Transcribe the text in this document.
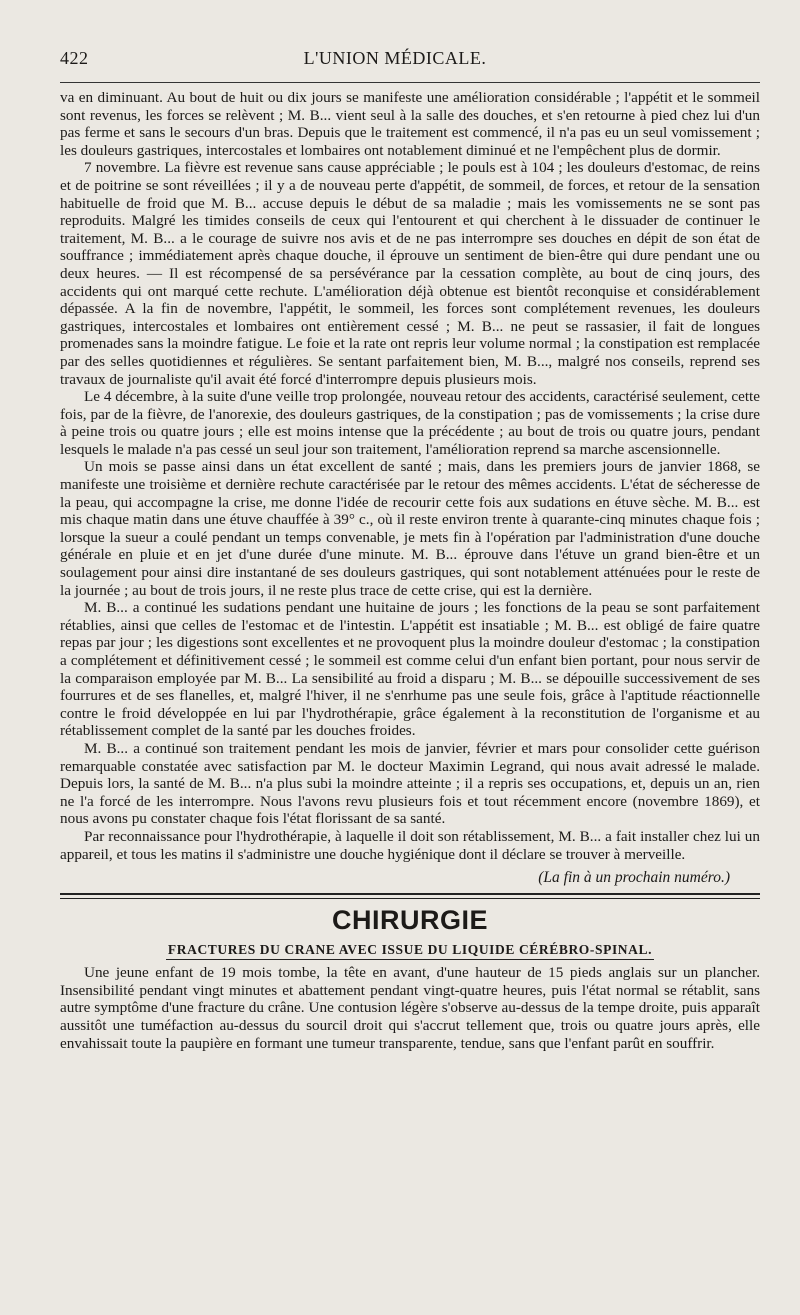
422	L'UNION MÉDICALE.

va en diminuant. Au bout de huit ou dix jours se manifeste une amélioration considérable ; l'appétit et le sommeil sont revenus, les forces se relèvent ; M. B... vient seul à la salle des douches, et s'en retourne à pied chez lui d'un pas ferme et sans le secours d'un bras. Depuis que le traitement est commencé, il n'a pas eu un seul vomissement ; les douleurs gastriques, intercostales et lombaires ont notablement diminué et ne l'empêchent plus de dormir.

7 novembre. La fièvre est revenue sans cause appréciable ; le pouls est à 104 ; les douleurs d'estomac, de reins et de poitrine se sont réveillées ; il y a de nouveau perte d'appétit, de sommeil, de forces, et retour de la sensation habituelle de froid que M. B... accuse depuis le début de sa maladie ; mais les vomissements ne se sont pas reproduits. Malgré les timides conseils de ceux qui l'entourent et qui cherchent à le dissuader de continuer le traitement, M. B... a le courage de suivre nos avis et de ne pas interrompre ses douches en dépit de son état de souffrance ; immédiatement après chaque douche, il éprouve un sentiment de bien-être qui dure pendant une ou deux heures. — Il est récompensé de sa persévérance par la cessation complète, au bout de cinq jours, des accidents qui ont marqué cette rechute. L'amélioration déjà obtenue est bientôt reconquise et considérablement dépassée. A la fin de novembre, l'appétit, le sommeil, les forces sont complétement revenues, les douleurs gastriques, intercostales et lombaires ont entièrement cessé ; M. B... ne peut se rassasier, il fait de longues promenades sans la moindre fatigue. Le foie et la rate ont repris leur volume normal ; la constipation est remplacée par des selles quotidiennes et régulières. Se sentant parfaitement bien, M. B..., malgré nos conseils, reprend ses travaux de journaliste qu'il avait été forcé d'interrompre depuis plusieurs mois.

Le 4 décembre, à la suite d'une veille trop prolongée, nouveau retour des accidents, caractérisé seulement, cette fois, par de la fièvre, de l'anorexie, des douleurs gastriques, de la constipation ; pas de vomissements ; la crise dure à peine trois ou quatre jours ; elle est moins intense que la précédente ; au bout de trois ou quatre jours, pendant lesquels le malade n'a pas cessé un seul jour son traitement, l'amélioration reprend sa marche ascensionnelle.

Un mois se passe ainsi dans un état excellent de santé ; mais, dans les premiers jours de janvier 1868, se manifeste une troisième et dernière rechute caractérisée par le retour des mêmes accidents. L'état de sécheresse de la peau, qui accompagne la crise, me donne l'idée de recourir cette fois aux sudations en étuve sèche. M. B... est mis chaque matin dans une étuve chauffée à 39° c., où il reste environ trente à quarante-cinq minutes chaque fois ; lorsque la sueur a coulé pendant un temps convenable, je mets fin à l'opération par l'administration d'une douche générale en pluie et en jet d'une durée d'une minute. M. B... éprouve dans l'étuve un grand bien-être et un soulagement pour ainsi dire instantané de ses douleurs gastriques, qui sont notablement atténuées pour le reste de la journée ; au bout de trois jours, il ne reste plus trace de cette crise, qui est la dernière.

M. B... a continué les sudations pendant une huitaine de jours ; les fonctions de la peau se sont parfaitement rétablies, ainsi que celles de l'estomac et de l'intestin. L'appétit est insatiable ; M. B... est obligé de faire quatre repas par jour ; les digestions sont excellentes et ne provoquent plus la moindre douleur d'estomac ; la constipation a complétement et définitivement cessé ; le sommeil est comme celui d'un enfant bien portant, pour nous servir de la comparaison employée par M. B... La sensibilité au froid a disparu ; M. B... se dépouille successivement de ses fourrures et de ses flanelles, et, malgré l'hiver, il ne s'enrhume pas une seule fois, grâce à l'aptitude réactionnelle contre le froid développée en lui par l'hydrothérapie, grâce également à la reconstitution de l'organisme et au rétablissement complet de la santé par les douches froides.

M. B... a continué son traitement pendant les mois de janvier, février et mars pour consolider cette guérison remarquable constatée avec satisfaction par M. le docteur Maximin Legrand, qui nous avait adressé le malade. Depuis lors, la santé de M. B... n'a plus subi la moindre atteinte ; il a repris ses occupations, et, depuis un an, rien ne l'a forcé de les interrompre. Nous l'avons revu plusieurs fois et tout récemment encore (novembre 1869), et nous avons pu constater chaque fois l'état florissant de sa santé.

Par reconnaissance pour l'hydrothérapie, à laquelle il doit son rétablissement, M. B... a fait installer chez lui un appareil, et tous les matins il s'administre une douche hygiénique dont il déclare se trouver à merveille.

(La fin à un prochain numéro.)
CHIRURGIE
FRACTURES DU CRANE AVEC ISSUE DU LIQUIDE CÉRÉBRO-SPINAL.

Une jeune enfant de 19 mois tombe, la tête en avant, d'une hauteur de 15 pieds anglais sur un plancher. Insensibilité pendant vingt minutes et abattement pendant vingt-quatre heures, puis l'état normal se rétablit, sans autre symptôme d'une fracture du crâne. Une contusion légère s'observe au-dessus de la tempe droite, puis apparaît aussitôt une tuméfaction au-dessus du sourcil droit qui s'accrut tellement que, trois ou quatre jours après, elle envahissait toute la paupière en formant une tumeur transparente, tendue, sans que l'enfant parût en souffrir.
